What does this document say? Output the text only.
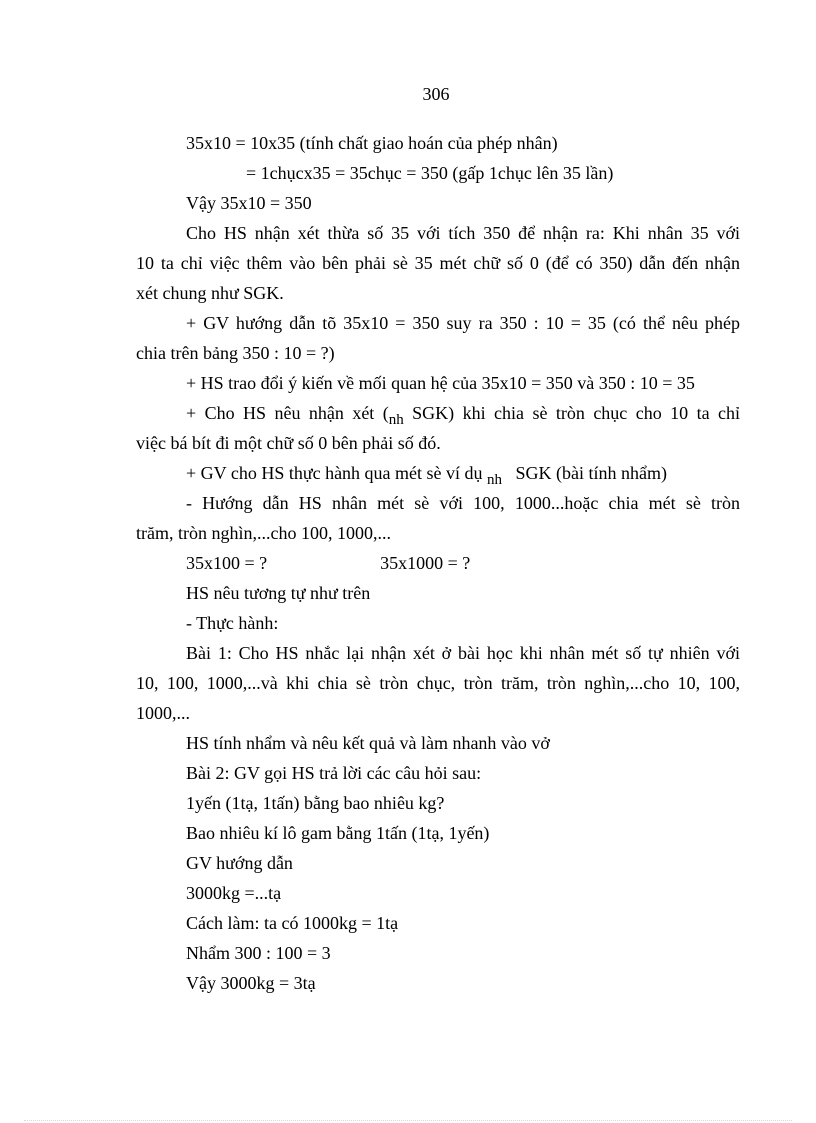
306
35x10 = 10x35 (tính chất giao hoán của phép nhân)
= 1chụcx35 = 35chục = 350 (gấp 1chục lên 35 lần)
Vậy 35x10 = 350
Cho HS nhận xét thừa số 35 với tích 350 để nhận ra: Khi nhân 35 với
10 ta chỉ việc thêm vào bên phải sè 35 mét chữ số 0 (để có 350) dẫn đến nhận
xét chung như SGK.
+ GV hướng dẫn tõ 35x10 = 350 suy ra 350 : 10 = 35 (có thể nêu phép
chia trên bảng 350 : 10 = ?)
+ HS trao đổi ý kiến về mối quan hệ của 35x10 = 350 và 350 : 10 = 35
+ Cho HS nêu nhận xét ($_{nh}$ SGK) khi chia sè tròn chục cho 10 ta chỉ
việc bá bít đi một chữ số 0 bên phải số đó.
+ GV cho HS thực hành qua mét sè ví dụ $_{nh}$ SGK (bài tính nhẩm)
- Hướng dẫn HS nhân mét sè với 100, 1000...hoặc chia mét sè tròn
trăm, tròn nghìn,...cho 100, 1000,...
35x100 = ?	35x1000 = ?
HS nêu tương tự như trên
- Thực hành:
Bài 1: Cho HS nhắc lại nhận xét ở bài học khi nhân mét số tự nhiên với
10, 100, 1000,...và khi chia sè tròn chục, tròn trăm, tròn nghìn,...cho 10, 100,
1000,...
HS tính nhẩm và nêu kết quả và làm nhanh vào vở
Bài 2: GV gọi HS trả lời các câu hỏi sau:
1yến (1tạ, 1tấn) bằng bao nhiêu kg?
Bao nhiêu kí lô gam bằng 1tấn (1tạ, 1yến)
GV hướng dẫn
3000kg =...tạ
Cách làm: ta có 1000kg = 1tạ
Nhẩm 300 : 100 = 3
Vậy 3000kg = 3tạ
